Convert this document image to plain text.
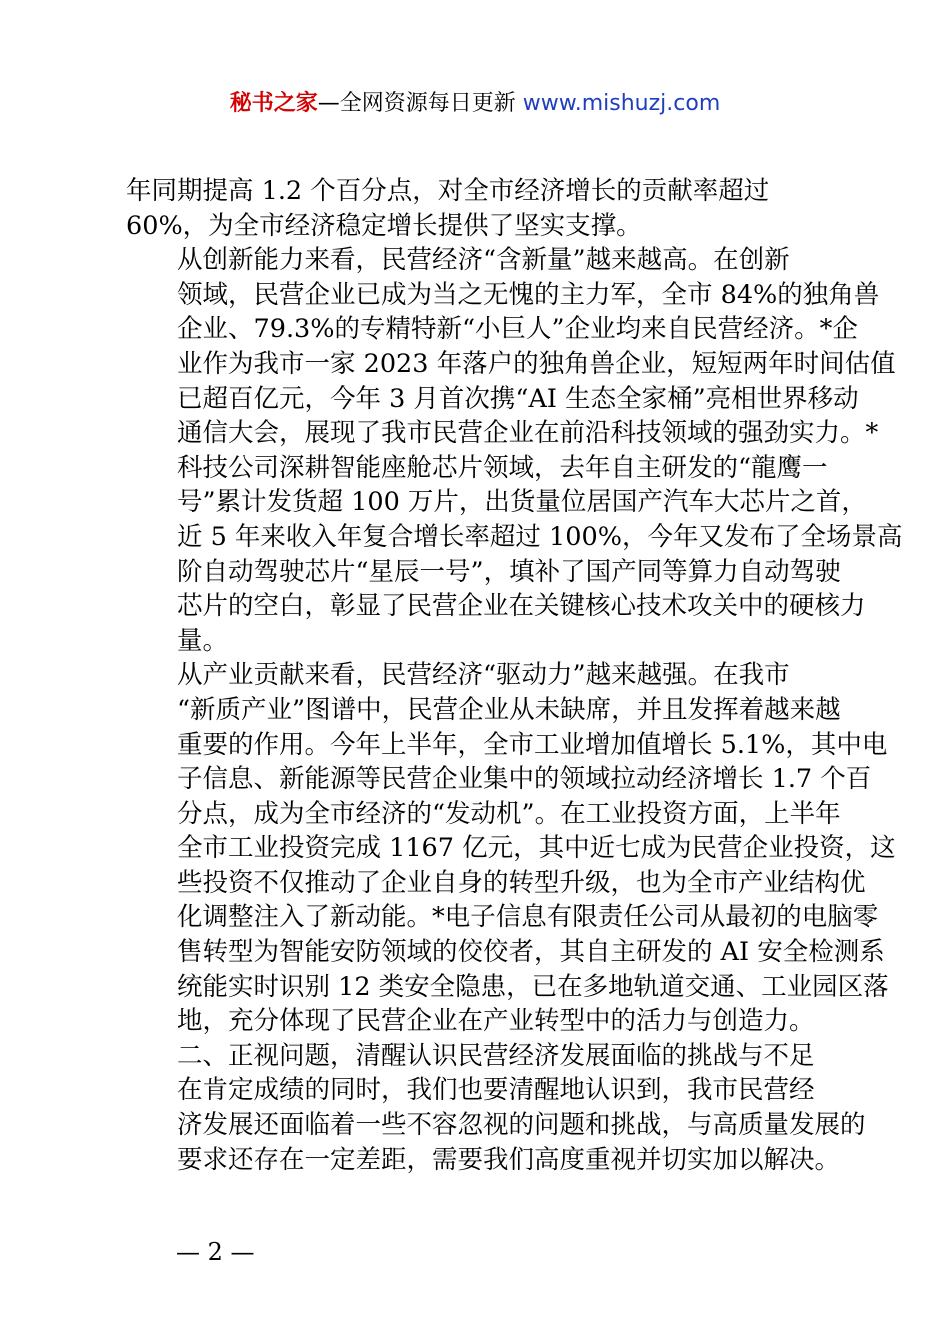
秘书之家—全网资源每日更新 www.mishuzj.com

年同期提高 1.2 个百分点，对全市经济增长的贡献率超过
60%，为全市经济稳定增长提供了坚实支撑。

从创新能力来看，民营经济“含新量”越来越高。在创新
领域，民营企业已成为当之无愧的主力军，全市 84%的独角兽
企业、79.3%的专精特新“小巨人”企业均来自民营经济。*企
业作为我市一家 2023 年落户的独角兽企业，短短两年时间估值
已超百亿元，今年 3 月首次携“AI 生态全家桶”亮相世界移动
通信大会，展现了我市民营企业在前沿科技领域的强劲实力。*
科技公司深耕智能座舱芯片领域，去年自主研发的“龍鹰一
号”累计发货超 100 万片，出货量位居国产汽车大芯片之首，
近 5 年来收入年复合增长率超过 100%，今年又发布了全场景高
阶自动驾驶芯片“星辰一号”，填补了国产同等算力自动驾驶
芯片的空白，彰显了民营企业在关键核心技术攻关中的硬核力
量。

从产业贡献来看，民营经济“驱动力”越来越强。在我市
“新质产业”图谱中，民营企业从未缺席，并且发挥着越来越
重要的作用。今年上半年，全市工业增加值增长 5.1%，其中电
子信息、新能源等民营企业集中的领域拉动经济增长 1.7 个百
分点，成为全市经济的“发动机”。在工业投资方面，上半年
全市工业投资完成 1167 亿元，其中近七成为民营企业投资，这
些投资不仅推动了企业自身的转型升级，也为全市产业结构优
化调整注入了新动能。*电子信息有限责任公司从最初的电脑零
售转型为智能安防领域的佼佼者，其自主研发的 AI 安全检测系
统能实时识别 12 类安全隐患，已在多地轨道交通、工业园区落
地，充分体现了民营企业在产业转型中的活力与创造力。

二、正视问题，清醒认识民营经济发展面临的挑战与不足

在肯定成绩的同时，我们也要清醒地认识到，我市民营经
济发展还面临着一些不容忽视的问题和挑战，与高质量发展的
要求还存在一定差距，需要我们高度重视并切实加以解决。

— 2 —
